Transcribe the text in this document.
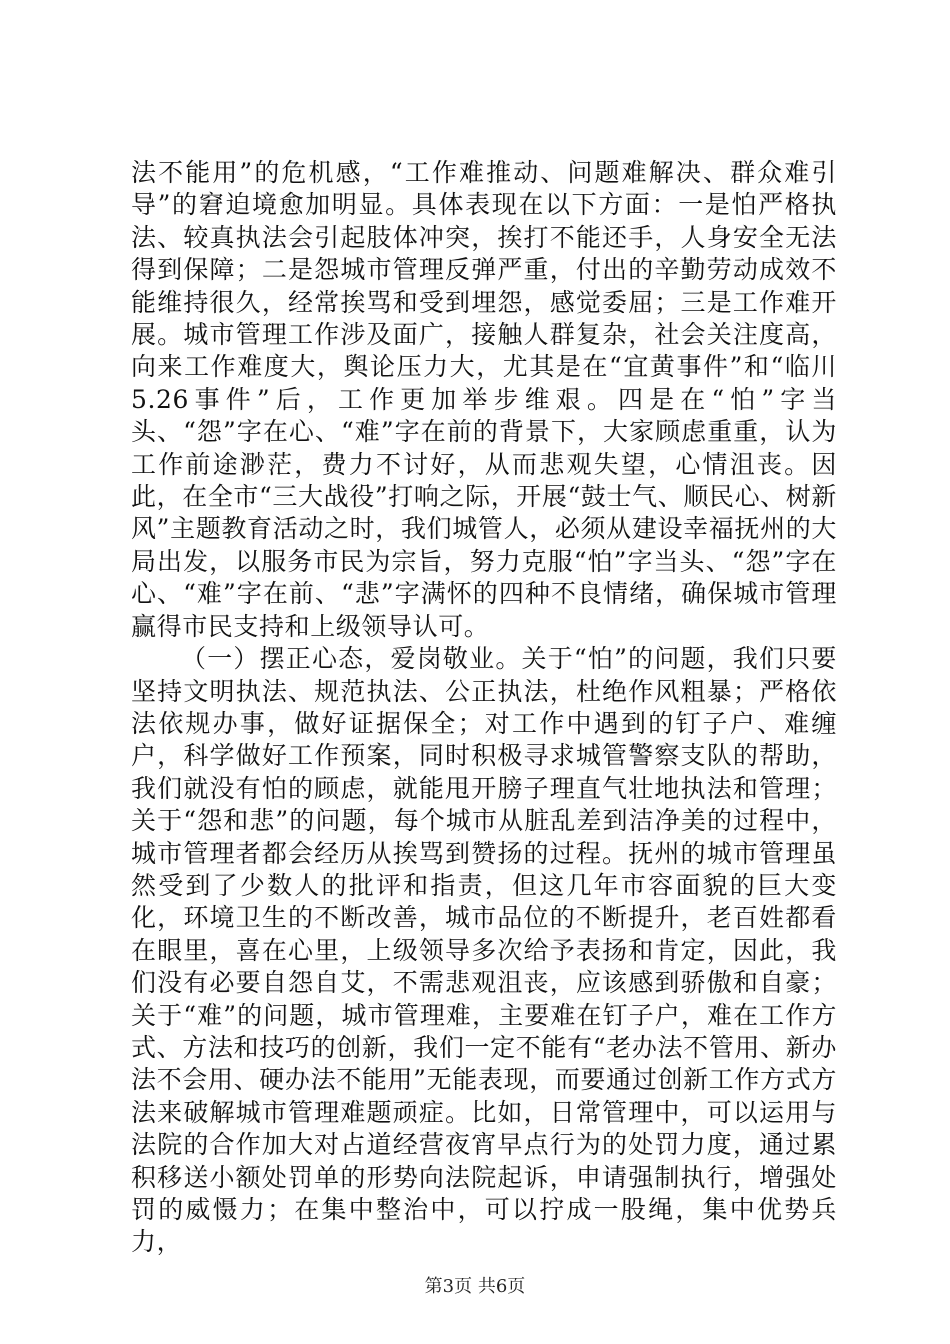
法不能用”的危机感，“工作难推动、问题难解决、群众难引导”的窘迫境愈加明显。具体表现在以下方面：一是怕严格执法、较真执法会引起肢体冲突，挨打不能还手，人身安全无法得到保障；二是怨城市管理反弹严重，付出的辛勤劳动成效不能维持很久，经常挨骂和受到埋怨，感觉委屈；三是工作难开展。城市管理工作涉及面广，接触人群复杂，社会关注度高，向来工作难度大，舆论压力大，尤其是在“宜黄事件”和“临川5.26事件”后，工作更加举步维艰。四是在“怕”字当头、“怨”字在心、“难”字在前的背景下，大家顾虑重重，认为工作前途渺茫，费力不讨好，从而悲观失望，心情沮丧。因此，在全市“三大战役”打响之际，开展“鼓士气、顺民心、树新风”主题教育活动之时，我们城管人，必须从建设幸福抚州的大局出发，以服务市民为宗旨，努力克服“怕”字当头、“怨”字在心、“难”字在前、“悲”字满怀的四种不良情绪，确保城市管理赢得市民支持和上级领导认可。

（一）摆正心态，爱岗敬业。关于“怕”的问题，我们只要坚持文明执法、规范执法、公正执法，杜绝作风粗暴；严格依法依规办事，做好证据保全；对工作中遇到的钉子户、难缠户，科学做好工作预案，同时积极寻求城管警察支队的帮助，我们就没有怕的顾虑，就能甩开膀子理直气壮地执法和管理；关于“怨和悲”的问题，每个城市从脏乱差到洁净美的过程中，城市管理者都会经历从挨骂到赞扬的过程。抚州的城市管理虽然受到了少数人的批评和指责，但这几年市容面貌的巨大变化，环境卫生的不断改善，城市品位的不断提升，老百姓都看在眼里，喜在心里，上级领导多次给予表扬和肯定，因此，我们没有必要自怨自艾，不需悲观沮丧，应该感到骄傲和自豪；关于“难”的问题，城市管理难，主要难在钉子户，难在工作方式、方法和技巧的创新，我们一定不能有“老办法不管用、新办法不会用、硬办法不能用”无能表现，而要通过创新工作方式方法来破解城市管理难题顽症。比如，日常管理中，可以运用与法院的合作加大对占道经营夜宵早点行为的处罚力度，通过累积移送小额处罚单的形势向法院起诉，申请强制执行，增强处罚的威慑力；在集中整治中，可以拧成一股绳，集中优势兵力，

第3页 共6页
